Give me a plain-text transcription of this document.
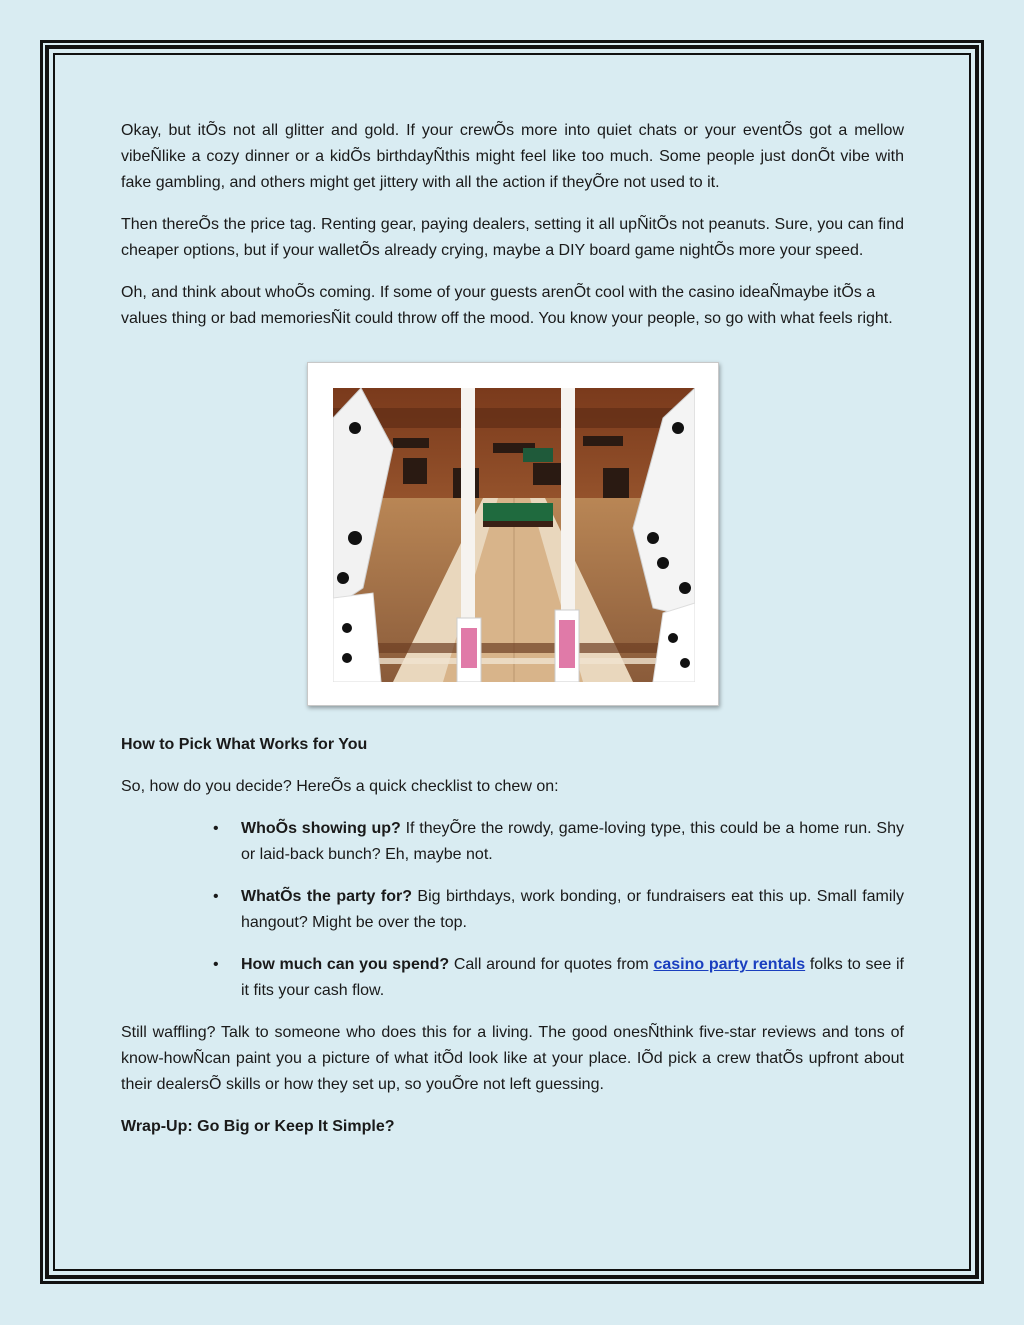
Okay, but itÕs not all glitter and gold. If your crewÕs more into quiet chats or your eventÕs got a mellow vibeÑlike a cozy dinner or a kidÕs birthdayÑthis might feel like too much. Some people just donÕt vibe with fake gambling, and others might get jittery with all the action if theyÕre not used to it.

Then thereÕs the price tag. Renting gear, paying dealers, setting it all upÑitÕs not peanuts. Sure, you can find cheaper options, but if your walletÕs already crying, maybe a DIY board game nightÕs more your speed.

Oh, and think about whoÕs coming. If some of your guests arenÕt cool with the casino ideaÑmaybe itÕs a values thing or bad memoriesÑit could throw off the mood. You know your people, so go with what feels right.

How to Pick What Works for You

So, how do you decide? HereÕs a quick checklist to chew on:

• WhoÕs showing up? If theyÕre the rowdy, game-loving type, this could be a home run. Shy or laid-back bunch? Eh, maybe not.
• WhatÕs the party for? Big birthdays, work bonding, or fundraisers eat this up. Small family hangout? Might be over the top.
• How much can you spend? Call around for quotes from casino party rentals folks to see if it fits your cash flow.

Still waffling? Talk to someone who does this for a living. The good onesÑthink five-star reviews and tons of know-howÑcan paint you a picture of what itÕd look like at your place. IÕd pick a crew thatÕs upfront about their dealersÕ skills or how they set up, so youÕre not left guessing.

Wrap-Up: Go Big or Keep It Simple?
